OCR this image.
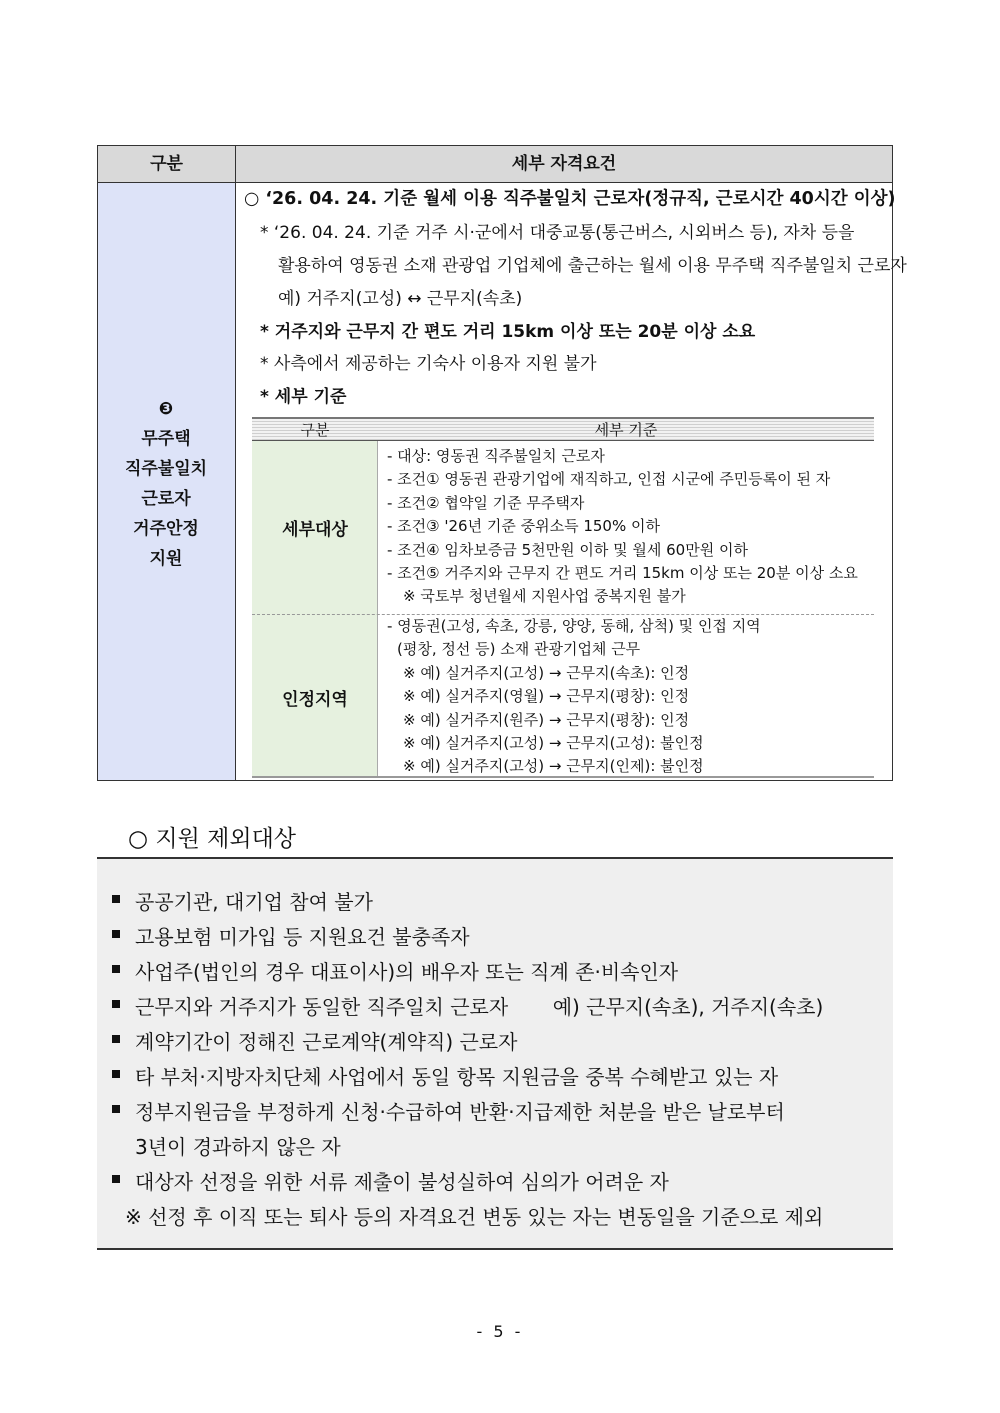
구분	세부 자격요건
❸
무주택
직주불일치
근로자
거주안정
지원
○ ‘26. 04. 24. 기준 월세 이용 직주불일치 근로자(정규직, 근로시간 40시간 이상)
* ‘26. 04. 24. 기준 거주 시·군에서 대중교통(통근버스, 시외버스 등), 자차 등을
활용하여 영동권 소재 관광업 기업체에 출근하는 월세 이용 무주택 직주불일치 근로자
예) 거주지(고성) ↔ 근무지(속초)
* 거주지와 근무지 간 편도 거리 15km 이상 또는 20분 이상 소요
* 사측에서 제공하는 기숙사 이용자 지원 불가
* 세부 기준
구분	세부 기준
세부대상
인정지역
- 대상: 영동권 직주불일치 근로자
- 조건① 영동권 관광기업에 재직하고, 인접 시군에 주민등록이 된 자
- 조건② 협약일 기준 무주택자
- 조건③ '26년 기준 중위소득 150% 이하
- 조건④ 임차보증금 5천만원 이하 및 월세 60만원 이하
- 조건⑤ 거주지와 근무지 간 편도 거리 15km 이상 또는 20분 이상 소요
※ 국토부 청년월세 지원사업 중복지원 불가
- 영동권(고성, 속초, 강릉, 양양, 동해, 삼척) 및 인접 지역
(평창, 정선 등) 소재 관광기업체 근무
※ 예) 실거주지(고성) → 근무지(속초): 인정
※ 예) 실거주지(영월) → 근무지(평창): 인정
※ 예) 실거주지(원주) → 근무지(평창): 인정
※ 예) 실거주지(고성) → 근무지(고성): 불인정
※ 예) 실거주지(고성) → 근무지(인제): 불인정
○ 지원 제외대상
공공기관, 대기업 참여 불가
고용보험 미가입 등 지원요건 불충족자
사업주(법인의 경우 대표이사)의 배우자 또는 직계 존·비속인자
근무지와 거주지가 동일한 직주일치 근로자       예) 근무지(속초), 거주지(속초)
계약기간이 정해진 근로계약(계약직) 근로자
타 부처·지방자치단체 사업에서 동일 항목 지원금을 중복 수혜받고 있는 자
정부지원금을 부정하게 신청·수급하여 반환·지급제한 처분을 받은 날로부터
3년이 경과하지 않은 자
대상자 선정을 위한 서류 제출이 불성실하여 심의가 어려운 자
※ 선정 후 이직 또는 퇴사 등의 자격요건 변동 있는 자는 변동일을 기준으로 제외
- 5 -
